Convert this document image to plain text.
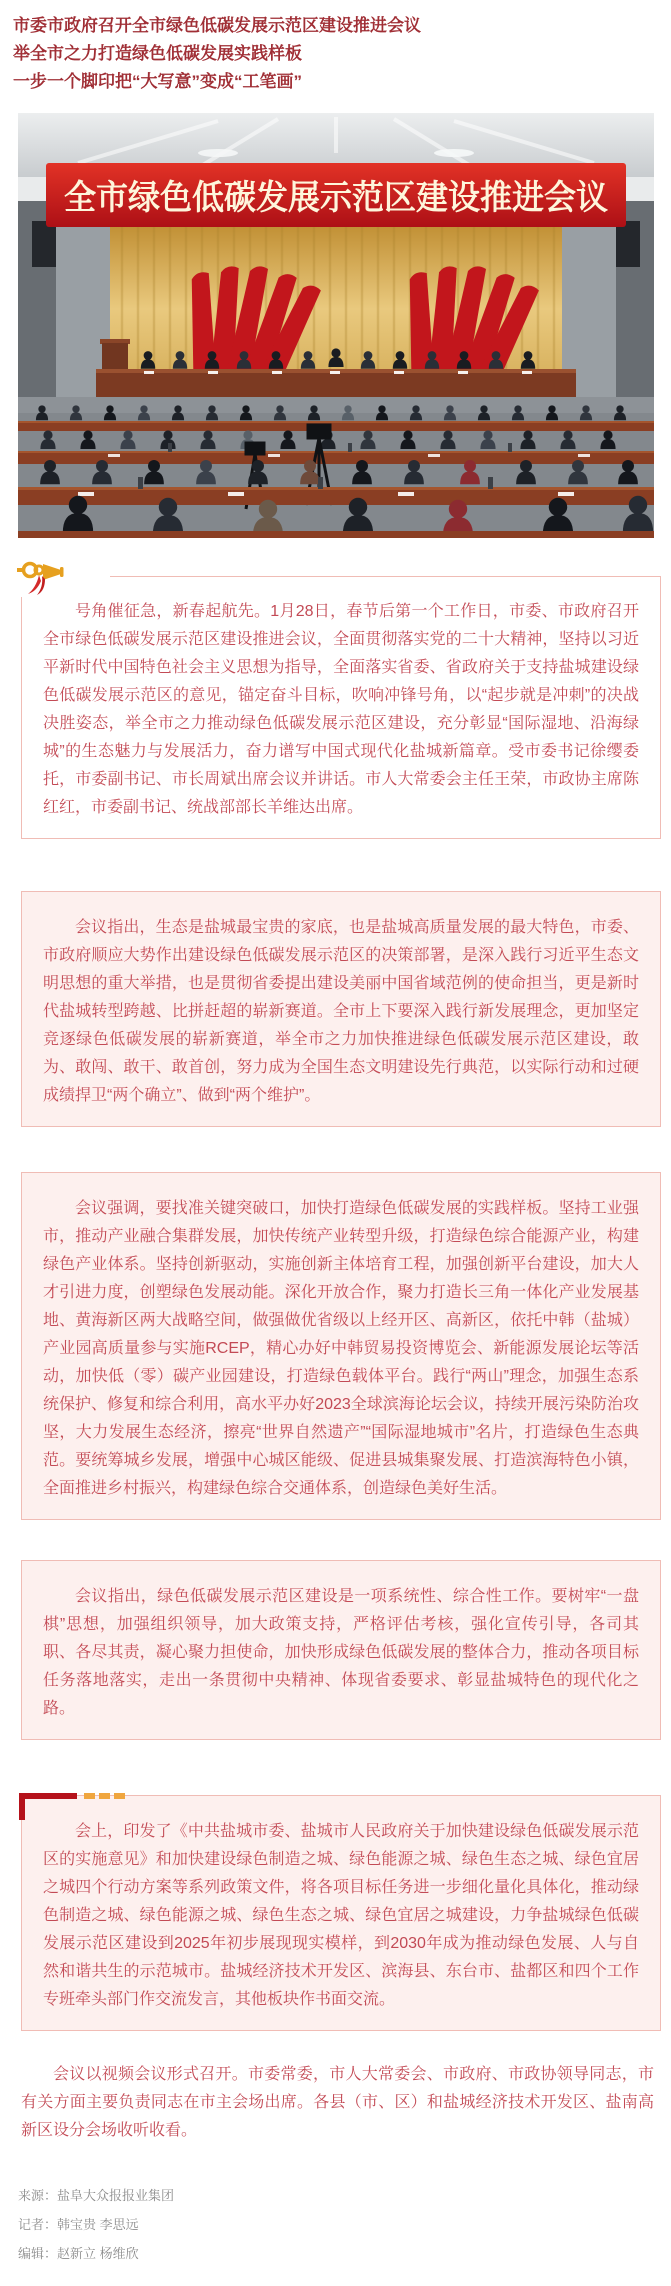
市委市政府召开全市绿色低碳发展示范区建设推进会议
举全市之力打造绿色低碳发展实践样板
一步一个脚印把“大写意”变成“工笔画”
全市绿色低碳发展示范区建设推进会议

号角催征急，新春起航先。1月28日，春节后第一个工作日，市委、市政府召开全市绿色低碳发展示范区建设推进会议，全面贯彻落实党的二十大精神，坚持以习近平新时代中国特色社会主义思想为指导，全面落实省委、省政府关于支持盐城建设绿色低碳发展示范区的意见，锚定奋斗目标，吹响冲锋号角，以“起步就是冲刺”的决战决胜姿态，举全市之力推动绿色低碳发展示范区建设，充分彰显“国际湿地、沿海绿城”的生态魅力与发展活力，奋力谱写中国式现代化盐城新篇章。受市委书记徐缨委托，市委副书记、市长周斌出席会议并讲话。市人大常委会主任王荣，市政协主席陈红红，市委副书记、统战部部长羊维达出席。

会议指出，生态是盐城最宝贵的家底，也是盐城高质量发展的最大特色，市委、市政府顺应大势作出建设绿色低碳发展示范区的决策部署，是深入践行习近平生态文明思想的重大举措，也是贯彻省委提出建设美丽中国省域范例的使命担当，更是新时代盐城转型跨越、比拼赶超的崭新赛道。全市上下要深入践行新发展理念，更加坚定竞逐绿色低碳发展的崭新赛道，举全市之力加快推进绿色低碳发展示范区建设，敢为、敢闯、敢干、敢首创，努力成为全国生态文明建设先行典范，以实际行动和过硬成绩捍卫“两个确立”、做到“两个维护”。

会议强调，要找准关键突破口，加快打造绿色低碳发展的实践样板。坚持工业强市，推动产业融合集群发展，加快传统产业转型升级，打造绿色综合能源产业，构建绿色产业体系。坚持创新驱动，实施创新主体培育工程，加强创新平台建设，加大人才引进力度，创塑绿色发展动能。深化开放合作，聚力打造长三角一体化产业发展基地、黄海新区两大战略空间，做强做优省级以上经开区、高新区，依托中韩（盐城）产业园高质量参与实施RCEP，精心办好中韩贸易投资博览会、新能源发展论坛等活动，加快低（零）碳产业园建设，打造绿色载体平台。践行“两山”理念，加强生态系统保护、修复和综合利用，高水平办好2023全球滨海论坛会议，持续开展污染防治攻坚，大力发展生态经济，擦亮“世界自然遗产”“国际湿地城市”名片，打造绿色生态典范。要统筹城乡发展，增强中心城区能级、促进县城集聚发展、打造滨海特色小镇，全面推进乡村振兴，构建绿色综合交通体系，创造绿色美好生活。

会议指出，绿色低碳发展示范区建设是一项系统性、综合性工作。要树牢“一盘棋”思想，加强组织领导，加大政策支持，严格评估考核，强化宣传引导，各司其职、各尽其责，凝心聚力担使命，加快形成绿色低碳发展的整体合力，推动各项目标任务落地落实，走出一条贯彻中央精神、体现省委要求、彰显盐城特色的现代化之路。

会上，印发了《中共盐城市委、盐城市人民政府关于加快建设绿色低碳发展示范区的实施意见》和加快建设绿色制造之城、绿色能源之城、绿色生态之城、绿色宜居之城四个行动方案等系列政策文件，将各项目标任务进一步细化量化具体化，推动绿色制造之城、绿色能源之城、绿色生态之城、绿色宜居之城建设，力争盐城绿色低碳发展示范区建设到2025年初步展现现实模样，到2030年成为推动绿色发展、人与自然和谐共生的示范城市。盐城经济技术开发区、滨海县、东台市、盐都区和四个工作专班牵头部门作交流发言，其他板块作书面交流。

会议以视频会议形式召开。市委常委，市人大常委会、市政府、市政协领导同志，市有关方面主要负责同志在市主会场出席。各县（市、区）和盐城经济技术开发区、盐南高新区设分会场收听收看。

来源：盐阜大众报报业集团
记者：韩宝贵 李思远
编辑：赵新立 杨维欣
